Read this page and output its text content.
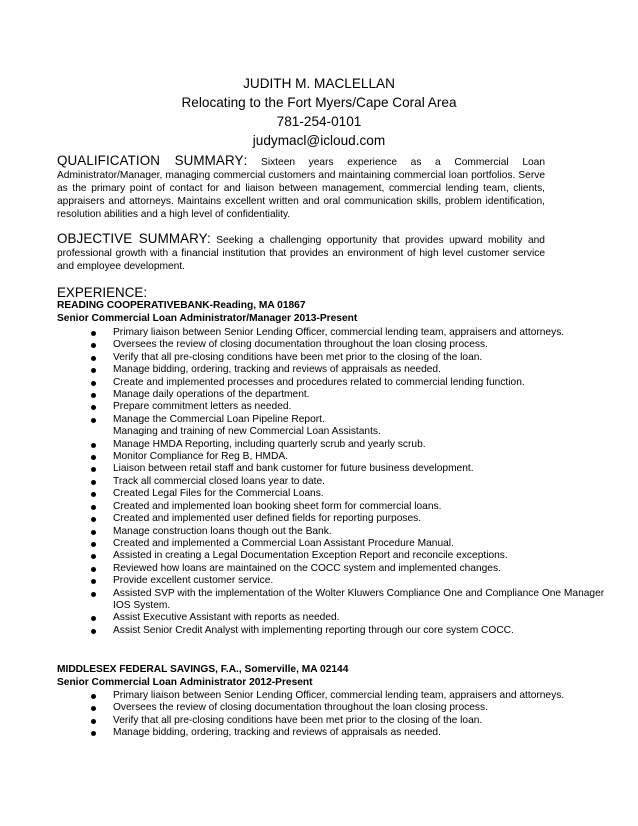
JUDITH M. MACLELLAN
Relocating to the Fort Myers/Cape Coral Area
781-254-0101
judymacl@icloud.com
QUALIFICATION SUMMARY: Sixteen years experience as a Commercial Loan Administrator/Manager, managing commercial customers and maintaining commercial loan portfolios. Serve as the primary point of contact for and liaison between management, commercial lending team, clients, appraisers and attorneys. Maintains excellent written and oral communication skills, problem identification, resolution abilities and a high level of confidentiality.
OBJECTIVE SUMMARY: Seeking a challenging opportunity that provides upward mobility and professional growth with a financial institution that provides an environment of high level customer service and employee development.
EXPERIENCE:
READING COOPERATIVEBANK-Reading, MA 01867
Senior Commercial Loan Administrator/Manager 2013-Present
Primary liaison between Senior Lending Officer, commercial lending team, appraisers and attorneys.
Oversees the review of closing documentation throughout the loan closing process.
Verify that all pre-closing conditions have been met prior to the closing of the loan.
Manage bidding, ordering, tracking and reviews of appraisals as needed.
Create and implemented processes and procedures related to commercial lending function.
Manage daily operations of the department.
Prepare commitment letters as needed.
Manage the Commercial Loan Pipeline Report.
Managing and training of new Commercial Loan Assistants.
Manage HMDA Reporting, including quarterly scrub and yearly scrub.
Monitor Compliance for Reg B, HMDA.
Liaison between retail staff and bank customer for future business development.
Track all commercial closed loans year to date.
Created Legal Files for the Commercial Loans.
Created and implemented loan booking sheet form for commercial loans.
Created and implemented user defined fields for reporting purposes.
Manage construction loans though out the Bank.
Created and implemented a Commercial Loan Assistant Procedure Manual.
Assisted in creating a Legal Documentation Exception Report and reconcile exceptions.
Reviewed how loans are maintained on the COCC system and implemented changes.
Provide excellent customer service.
Assisted SVP with the implementation of the Wolter Kluwers Compliance One and Compliance One Manager
IOS System.
Assist Executive Assistant with reports as needed.
Assist Senior Credit Analyst with implementing reporting through our core system COCC.
MIDDLESEX FEDERAL SAVINGS, F.A., Somerville, MA 02144
Senior Commercial Loan Administrator 2012-Present
Primary liaison between Senior Lending Officer, commercial lending team, appraisers and attorneys.
Oversees the review of closing documentation throughout the loan closing process.
Verify that all pre-closing conditions have been met prior to the closing of the loan.
Manage bidding, ordering, tracking and reviews of appraisals as needed.
